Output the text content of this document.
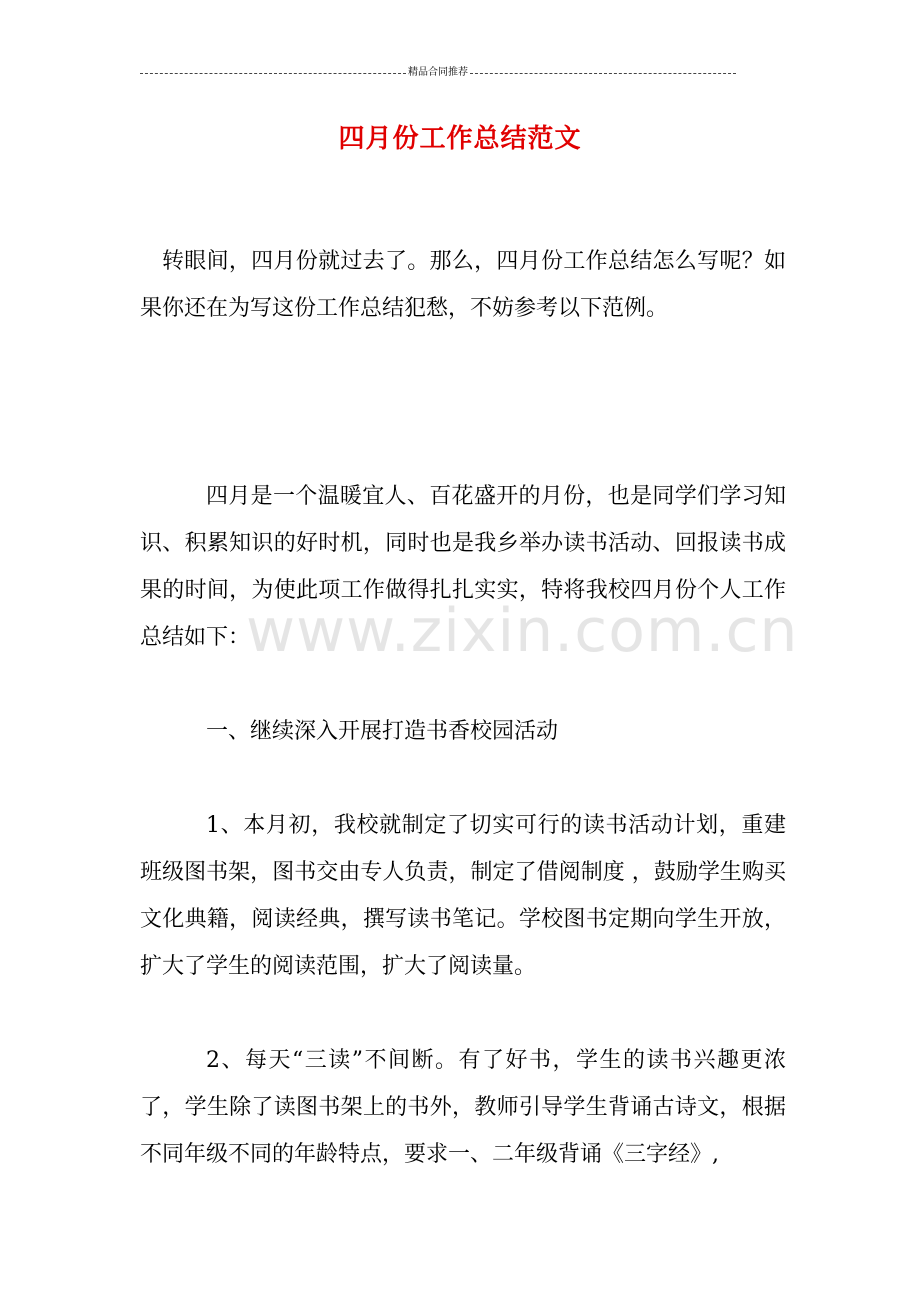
精品合同推荐
四月份工作总结范文

转眼间，四月份就过去了。那么，四月份工作总结怎么写呢？如果你还在为写这份工作总结犯愁，不妨参考以下范例。

四月是一个温暖宜人、百花盛开的月份，也是同学们学习知识、积累知识的好时机，同时也是我乡举办读书活动、回报读书成果的时间，为使此项工作做得扎扎实实，特将我校四月份个人工作总结如下：

一、继续深入开展打造书香校园活动

1、本月初，我校就制定了切实可行的读书活动计划，重建班级图书架，图书交由专人负责，制定了借阅制度 ，鼓励学生购买文化典籍，阅读经典，撰写读书笔记。学校图书定期向学生开放，扩大了学生的阅读范围，扩大了阅读量。

2、每天“三读”不间断。有了好书，学生的读书兴趣更浓了，学生除了读图书架上的书外，教师引导学生背诵古诗文，根据不同年级不同的年龄特点，要求一、二年级背诵《三字经》,

www.zixin.com.cn
